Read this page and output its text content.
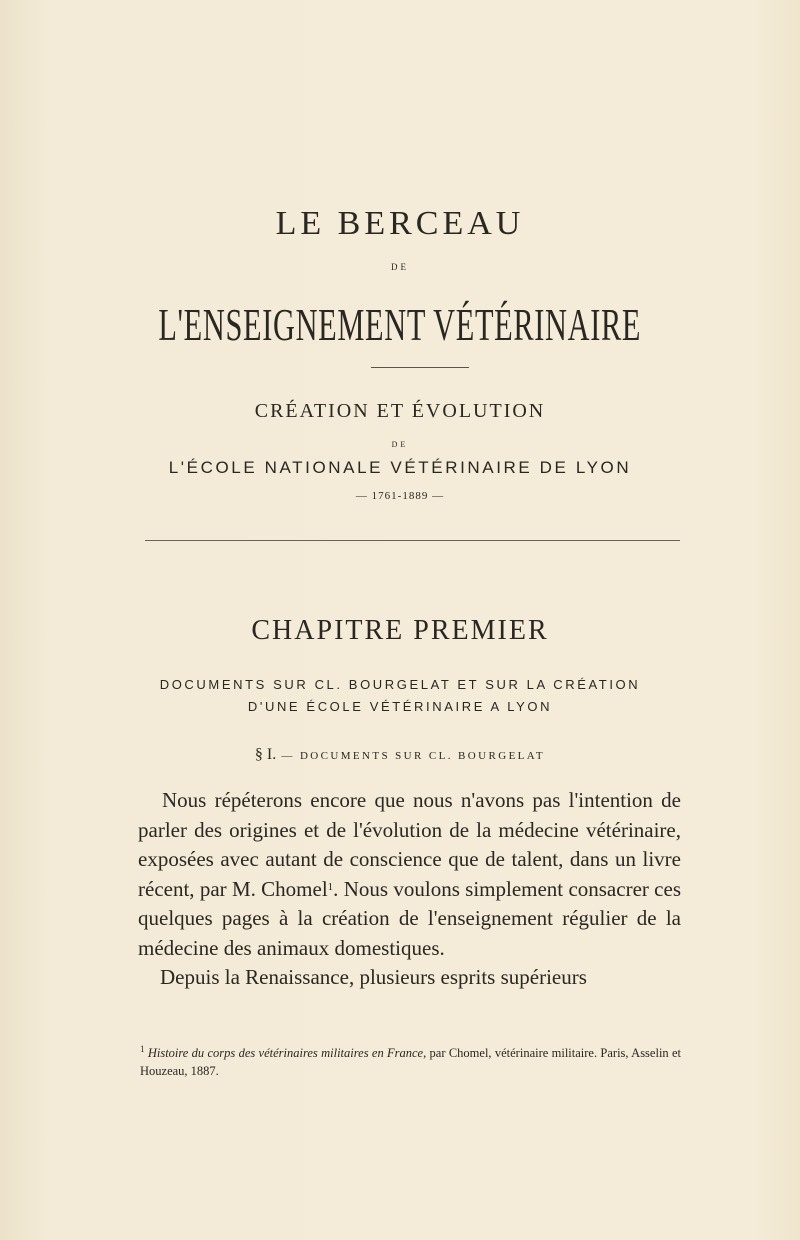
LE BERCEAU
DE
L'ENSEIGNEMENT VÉTÉRINAIRE
CRÉATION ET ÉVOLUTION
DE
L'ÉCOLE NATIONALE VÉTÉRINAIRE DE LYON
— 1761-1889 —
CHAPITRE PREMIER
DOCUMENTS SUR CL. BOURGELAT ET SUR LA CRÉATION
D'UNE ÉCOLE VÉTÉRINAIRE A LYON
§ I. — DOCUMENTS SUR CL. BOURGELAT

Nous répéterons encore que nous n'avons pas l'intention de parler des origines et de l'évolution de la médecine vétérinaire, exposées avec autant de conscience que de talent, dans un livre récent, par M. Chomel$^1$. Nous voulons simplement consacrer ces quelques pages à la création de l'enseignement régulier de la médecine des animaux domestiques.

Depuis la Renaissance, plusieurs esprits supérieurs

$^1$ Histoire du corps des vétérinaires militaires en France, par Chomel, vétérinaire militaire. Paris, Asselin et Houzeau, 1887.
